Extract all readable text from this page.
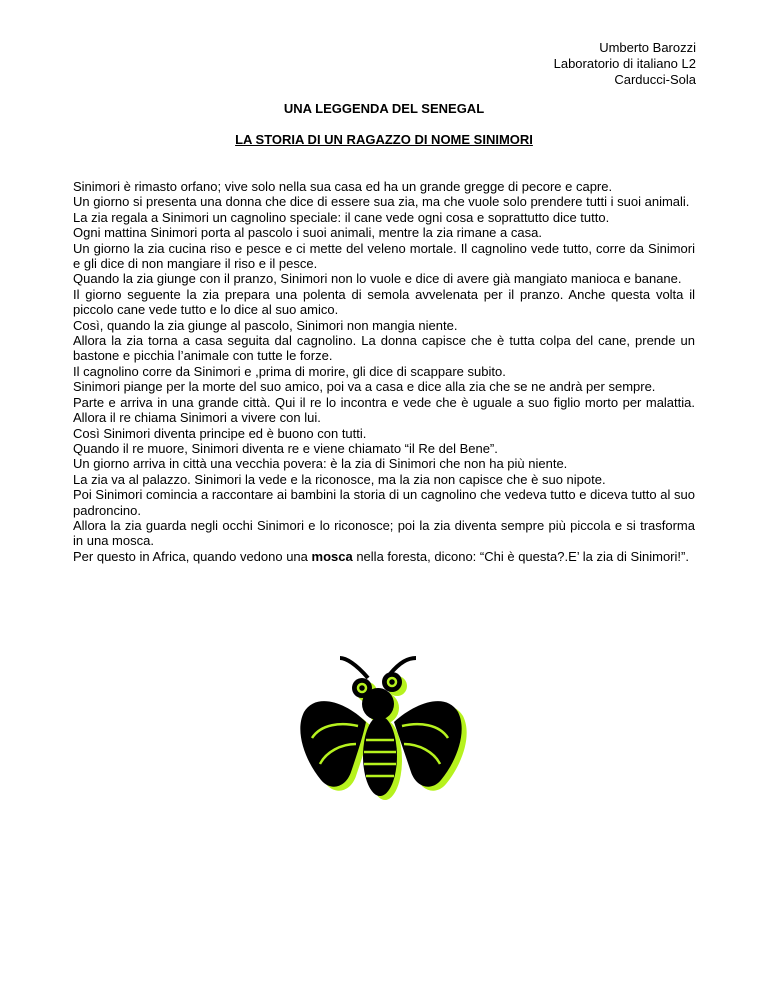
Umberto Barozzi
Laboratorio di italiano L2
Carducci-Sola
UNA LEGGENDA DEL SENEGAL
LA STORIA DI UN RAGAZZO DI NOME SINIMORI

Sinimori è rimasto orfano; vive solo nella sua casa ed ha un grande gregge di pecore e capre.

Un giorno si presenta una donna che dice di essere sua zia, ma che vuole solo prendere tutti i suoi animali.

La zia regala a Sinimori un cagnolino speciale: il cane vede ogni cosa e soprattutto dice tutto.

Ogni mattina Sinimori porta al pascolo i suoi animali, mentre la zia rimane a casa.

Un giorno la zia cucina riso e pesce e ci mette del veleno mortale. Il cagnolino vede tutto, corre da Sinimori e gli dice di non mangiare il riso e il pesce.

Quando la zia giunge con il pranzo, Sinimori non lo vuole e dice di avere già mangiato manioca e banane.

Il giorno seguente la zia prepara una polenta di semola avvelenata per il pranzo. Anche questa volta il piccolo cane vede tutto e lo dice al suo amico.

Così, quando la zia giunge al pascolo, Sinimori non mangia niente.

Allora la zia torna a casa seguita dal cagnolino. La donna capisce che è tutta colpa del cane, prende un bastone e picchia l’animale con tutte le forze.

Il cagnolino corre da Sinimori e ,prima di morire, gli dice di scappare subito.

Sinimori piange per la morte del suo amico, poi va a casa e dice alla zia che se ne andrà per sempre.

Parte e arriva in una grande città. Qui il re lo incontra e vede che è uguale a suo figlio morto per malattia. Allora il re chiama Sinimori a vivere con lui.

Così Sinimori diventa principe ed è buono con tutti.

Quando il re muore, Sinimori diventa re e viene chiamato “il Re del Bene”.

Un giorno arriva in città una vecchia povera: è la zia di Sinimori che non ha più niente.

La zia va al palazzo. Sinimori la vede e la riconosce, ma la zia non capisce che è suo nipote.

Poi Sinimori comincia a raccontare ai bambini la storia di un cagnolino che vedeva tutto e diceva tutto al suo padroncino.

Allora la zia guarda negli occhi Sinimori e lo riconosce; poi la zia diventa sempre più piccola e si trasforma in una mosca.

Per questo in Africa, quando vedono una mosca nella foresta, dicono: “Chi è questa?.E’ la zia di Sinimori!”.
